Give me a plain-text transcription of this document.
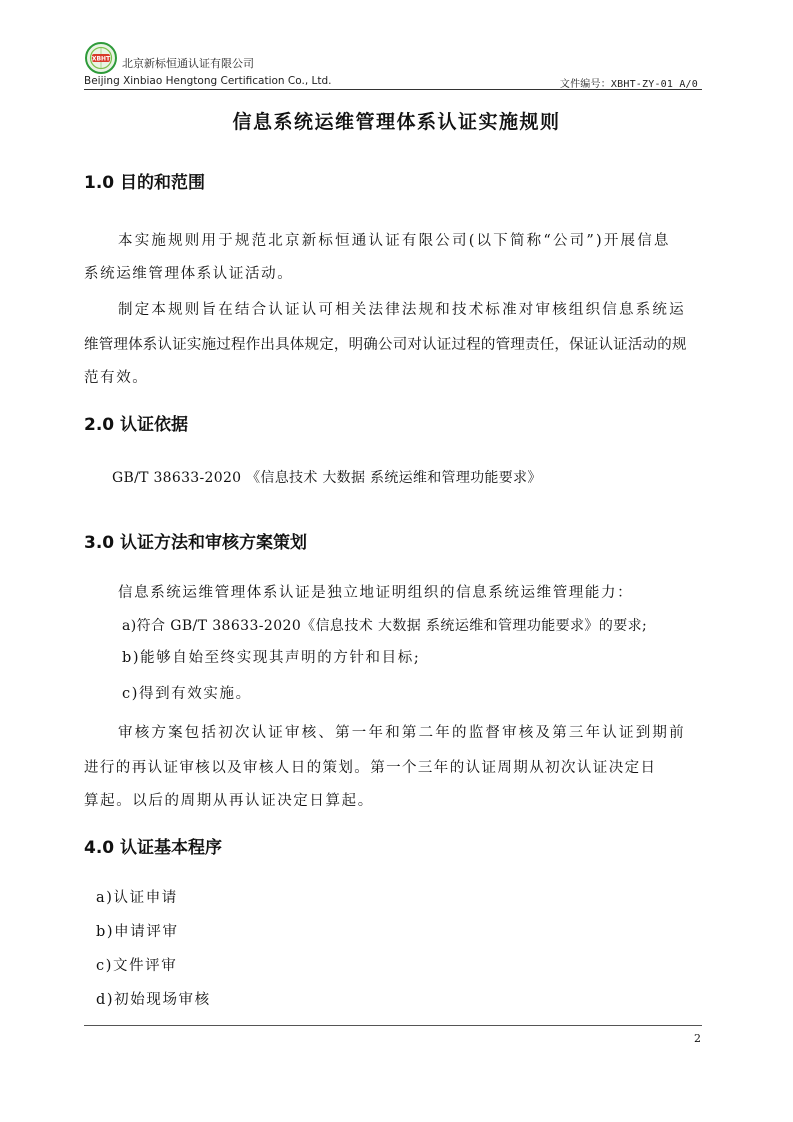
XBHT 北京新标恒通认证有限公司
Beijing Xinbiao Hengtong Certification Co., Ltd.	文件编号：XBHT-ZY-01 A/0
信息系统运维管理体系认证实施规则
1.0 目的和范围
本实施规则用于规范北京新标恒通认证有限公司(以下简称“公司”)开展信息
系统运维管理体系认证活动。
制定本规则旨在结合认证认可相关法律法规和技术标准对审核组织信息系统运
维管理体系认证实施过程作出具体规定，明确公司对认证过程的管理责任，保证认证活动的规
范有效。
2.0 认证依据
GB/T 38633-2020 《信息技术 大数据 系统运维和管理功能要求》
3.0 认证方法和审核方案策划
信息系统运维管理体系认证是独立地证明组织的信息系统运维管理能力：
a)符合 GB/T 38633-2020《信息技术 大数据 系统运维和管理功能要求》的要求;
b)能够自始至终实现其声明的方针和目标;
c)得到有效实施。
审核方案包括初次认证审核、第一年和第二年的监督审核及第三年认证到期前
进行的再认证审核以及审核人日的策划。第一个三年的认证周期从初次认证决定日
算起。以后的周期从再认证决定日算起。
4.0 认证基本程序
a)认证申请
b)申请评审
c)文件评审
d)初始现场审核
2
